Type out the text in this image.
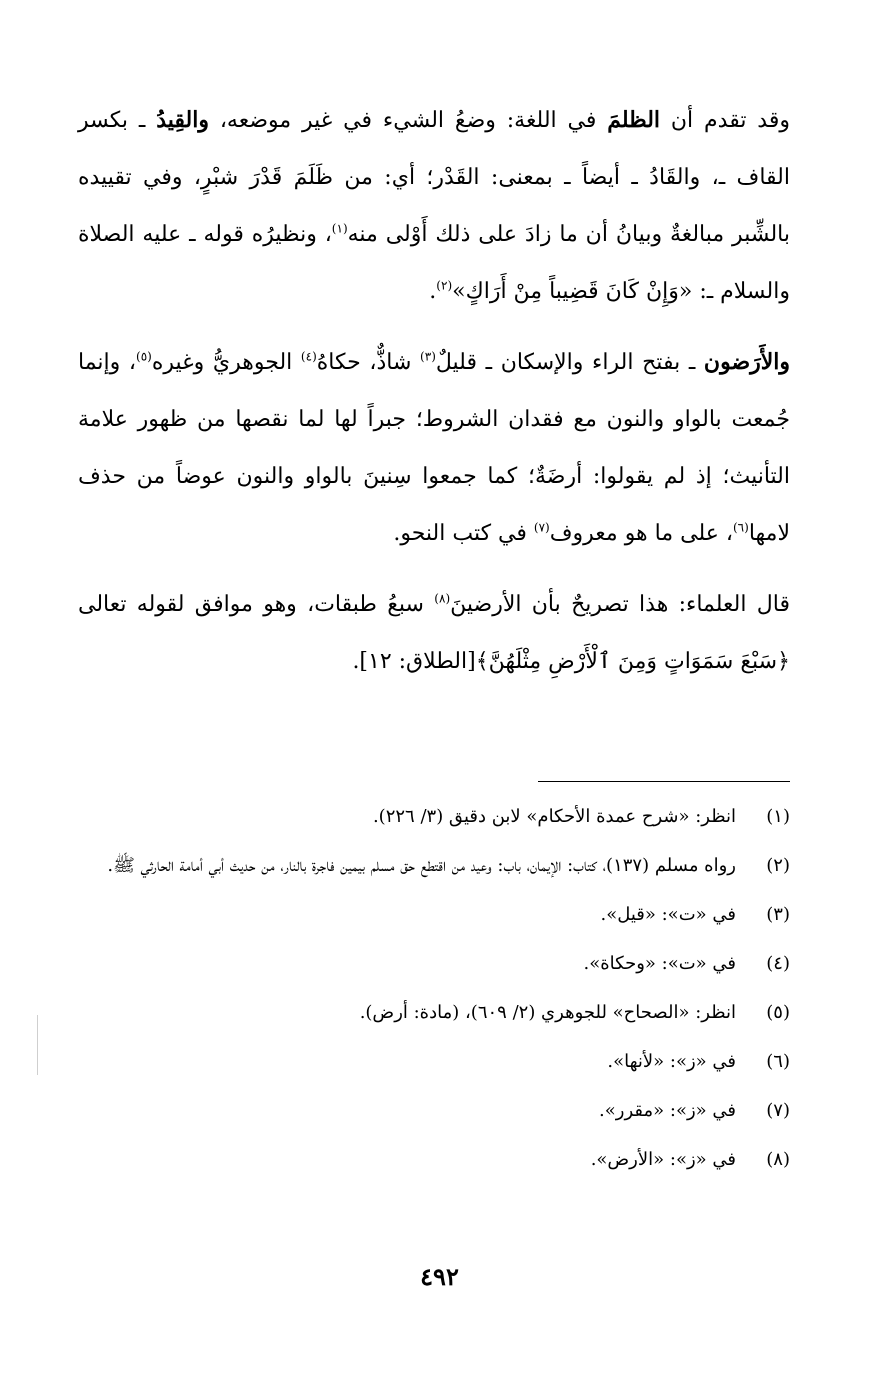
وقد تقدم أن الظلمَ في اللغة: وضعُ الشيء في غير موضعه، والقِيدُ ـ بكسر القاف ـ، والقَادُ ـ أيضاً ـ بمعنى: القَدْر؛ أي: من ظَلَمَ قَدْرَ شبْرٍ، وفي تقييده بالشِّبر مبالغةٌ وبيانُ أن ما زادَ على ذلك أَوْلى منه$^{(١)}$، ونظيرُه قوله ـ عليه الصلاة والسلام ـ: «وَإِنْ كَانَ قَضِيباً مِنْ أَرَاكٍ»$^{(٢)}$.

والأَرَضون ـ بفتح الراء والإسكان ـ قليلٌ$^{(٣)}$ شاذٌّ، حكاهُ$^{(٤)}$ الجوهريُّ وغيره$^{(٥)}$، وإنما جُمعت بالواو والنون مع فقدان الشروط؛ جبراً لها لما نقصها من ظهور علامة التأنيث؛ إذ لم يقولوا: أرضَةٌ؛ كما جمعوا سِنينَ بالواو والنون عوضاً من حذف لامها$^{(٦)}$، على ما هو معروف$^{(٧)}$ في كتب النحو.

قال العلماء: هذا تصريحٌ بأن الأرضينَ$^{(٨)}$ سبعُ طبقات، وهو موافق لقوله تعالى ﴿سَبْعَ سَمَوَاتٍ وَمِنَ ٱلْأَرْضِ مِثْلَهُنَّ﴾[الطلاق: ١٢].

(١)
انظر: «شرح عمدة الأحكام» لابن دقيق (٣/ ٢٢٦).
(٢)
رواه مسلم (١٣٧)، كتاب: الإيمان، باب: وعيد من اقتطع حق مسلم بيمين فاجرة بالنار، من حديث أبي أمامة الحارثي ﷺ.
(٣)
في «ت»: «قيل».
(٤)
في «ت»: «وحكاة».
(٥)
انظر: «الصحاح» للجوهري (٢/ ٦٠٩)، (مادة: أرض).
(٦)
في «ز»: «لأنها».
(٧)
في «ز»: «مقرر».
(٨)
في «ز»: «الأرض».
٤٩٢
